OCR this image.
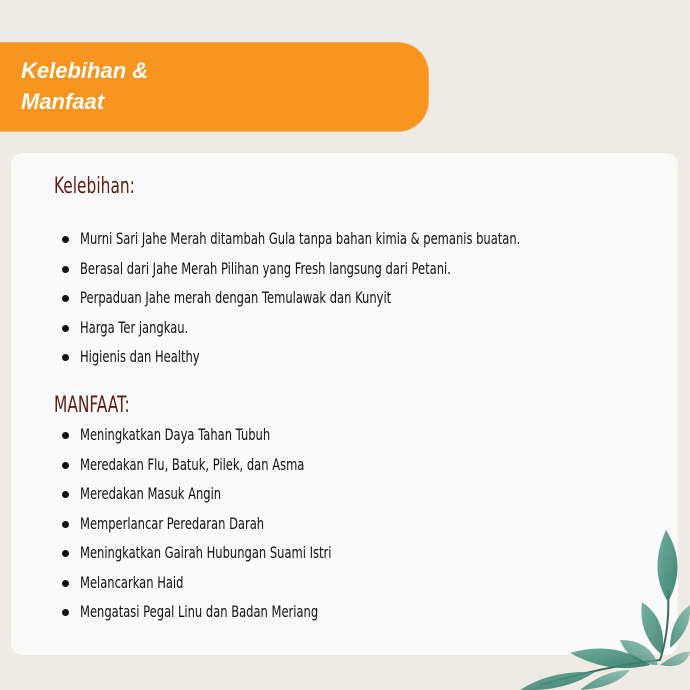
Kelebihan &
Manfaat
Kelebihan:
Murni Sari Jahe Merah ditambah Gula tanpa bahan kimia & pemanis buatan.
Berasal dari Jahe Merah Pilihan yang Fresh langsung dari Petani.
Perpaduan Jahe merah dengan Temulawak dan Kunyit
Harga Ter jangkau.
Higienis dan Healthy
MANFAAT:
Meningkatkan Daya Tahan Tubuh
Meredakan Flu, Batuk, Pilek, dan Asma
Meredakan Masuk Angin
Memperlancar Peredaran Darah
Meningkatkan Gairah Hubungan Suami Istri
Melancarkan Haid
Mengatasi Pegal Linu dan Badan Meriang
